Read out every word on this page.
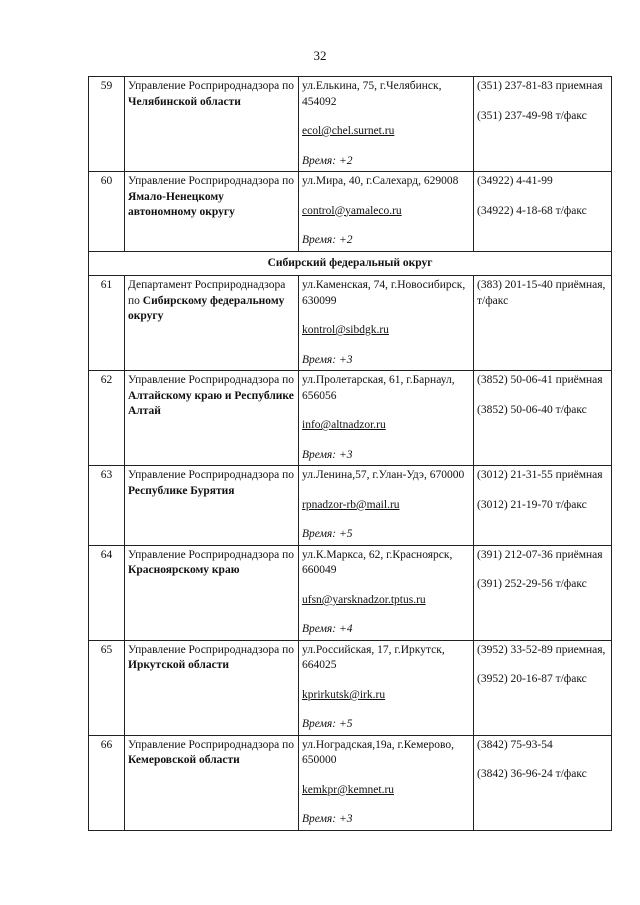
32
59	Управление Росприроднадзора по Челябинской области	ул.Елькина, 75, г.Челябинск, 454092
ecol@chel.surnet.ru
Время: +2	(351) 237-81-83 приемная
(351) 237-49-98 т/факс

60	Управление Росприроднадзора по Ямало-Ненецкому автономному округу	ул.Мира, 40, г.Салехард, 629008
control@yamaleco.ru
Время: +2	(34922) 4-41-99
(34922) 4-18-68 т/факс

Сибирский федеральный округ			
61	Департамент Росприроднадзора по Сибирскому федеральному округу	ул.Каменская, 74, г.Новосибирск, 630099
kontrol@sibdgk.ru
Время: +3	(383) 201-15-40 приёмная, т/факс

62	Управление Росприроднадзора по Алтайскому краю и Республике Алтай	ул.Пролетарская, 61, г.Барнаул, 656056
info@altnadzor.ru
Время: +3	(3852) 50-06-41 приёмная
(3852) 50-06-40 т/факс

63	Управление Росприроднадзора по Республике Бурятия	ул.Ленина,57, г.Улан-Удэ, 670000
rpnadzor-rb@mail.ru
Время: +5	(3012) 21-31-55 приёмная
(3012) 21-19-70 т/факс

64	Управление Росприроднадзора по Красноярскому краю	ул.К.Маркса, 62, г.Красноярск, 660049
ufsn@yarsknadzor.tptus.ru
Время: +4	(391) 212-07-36 приёмная
(391) 252-29-56 т/факс

65	Управление Росприроднадзора по Иркутской области	ул.Российская, 17, г.Иркутск, 664025
kprirkutsk@irk.ru
Время: +5	(3952) 33-52-89 приемная,
(3952) 20-16-87 т/факс

66	Управление Росприроднадзора по Кемеровской области	ул.Ноградская,19а, г.Кемерово, 650000
kemkpr@kemnet.ru
Время: +3	(3842) 75-93-54
(3842) 36-96-24 т/факс
